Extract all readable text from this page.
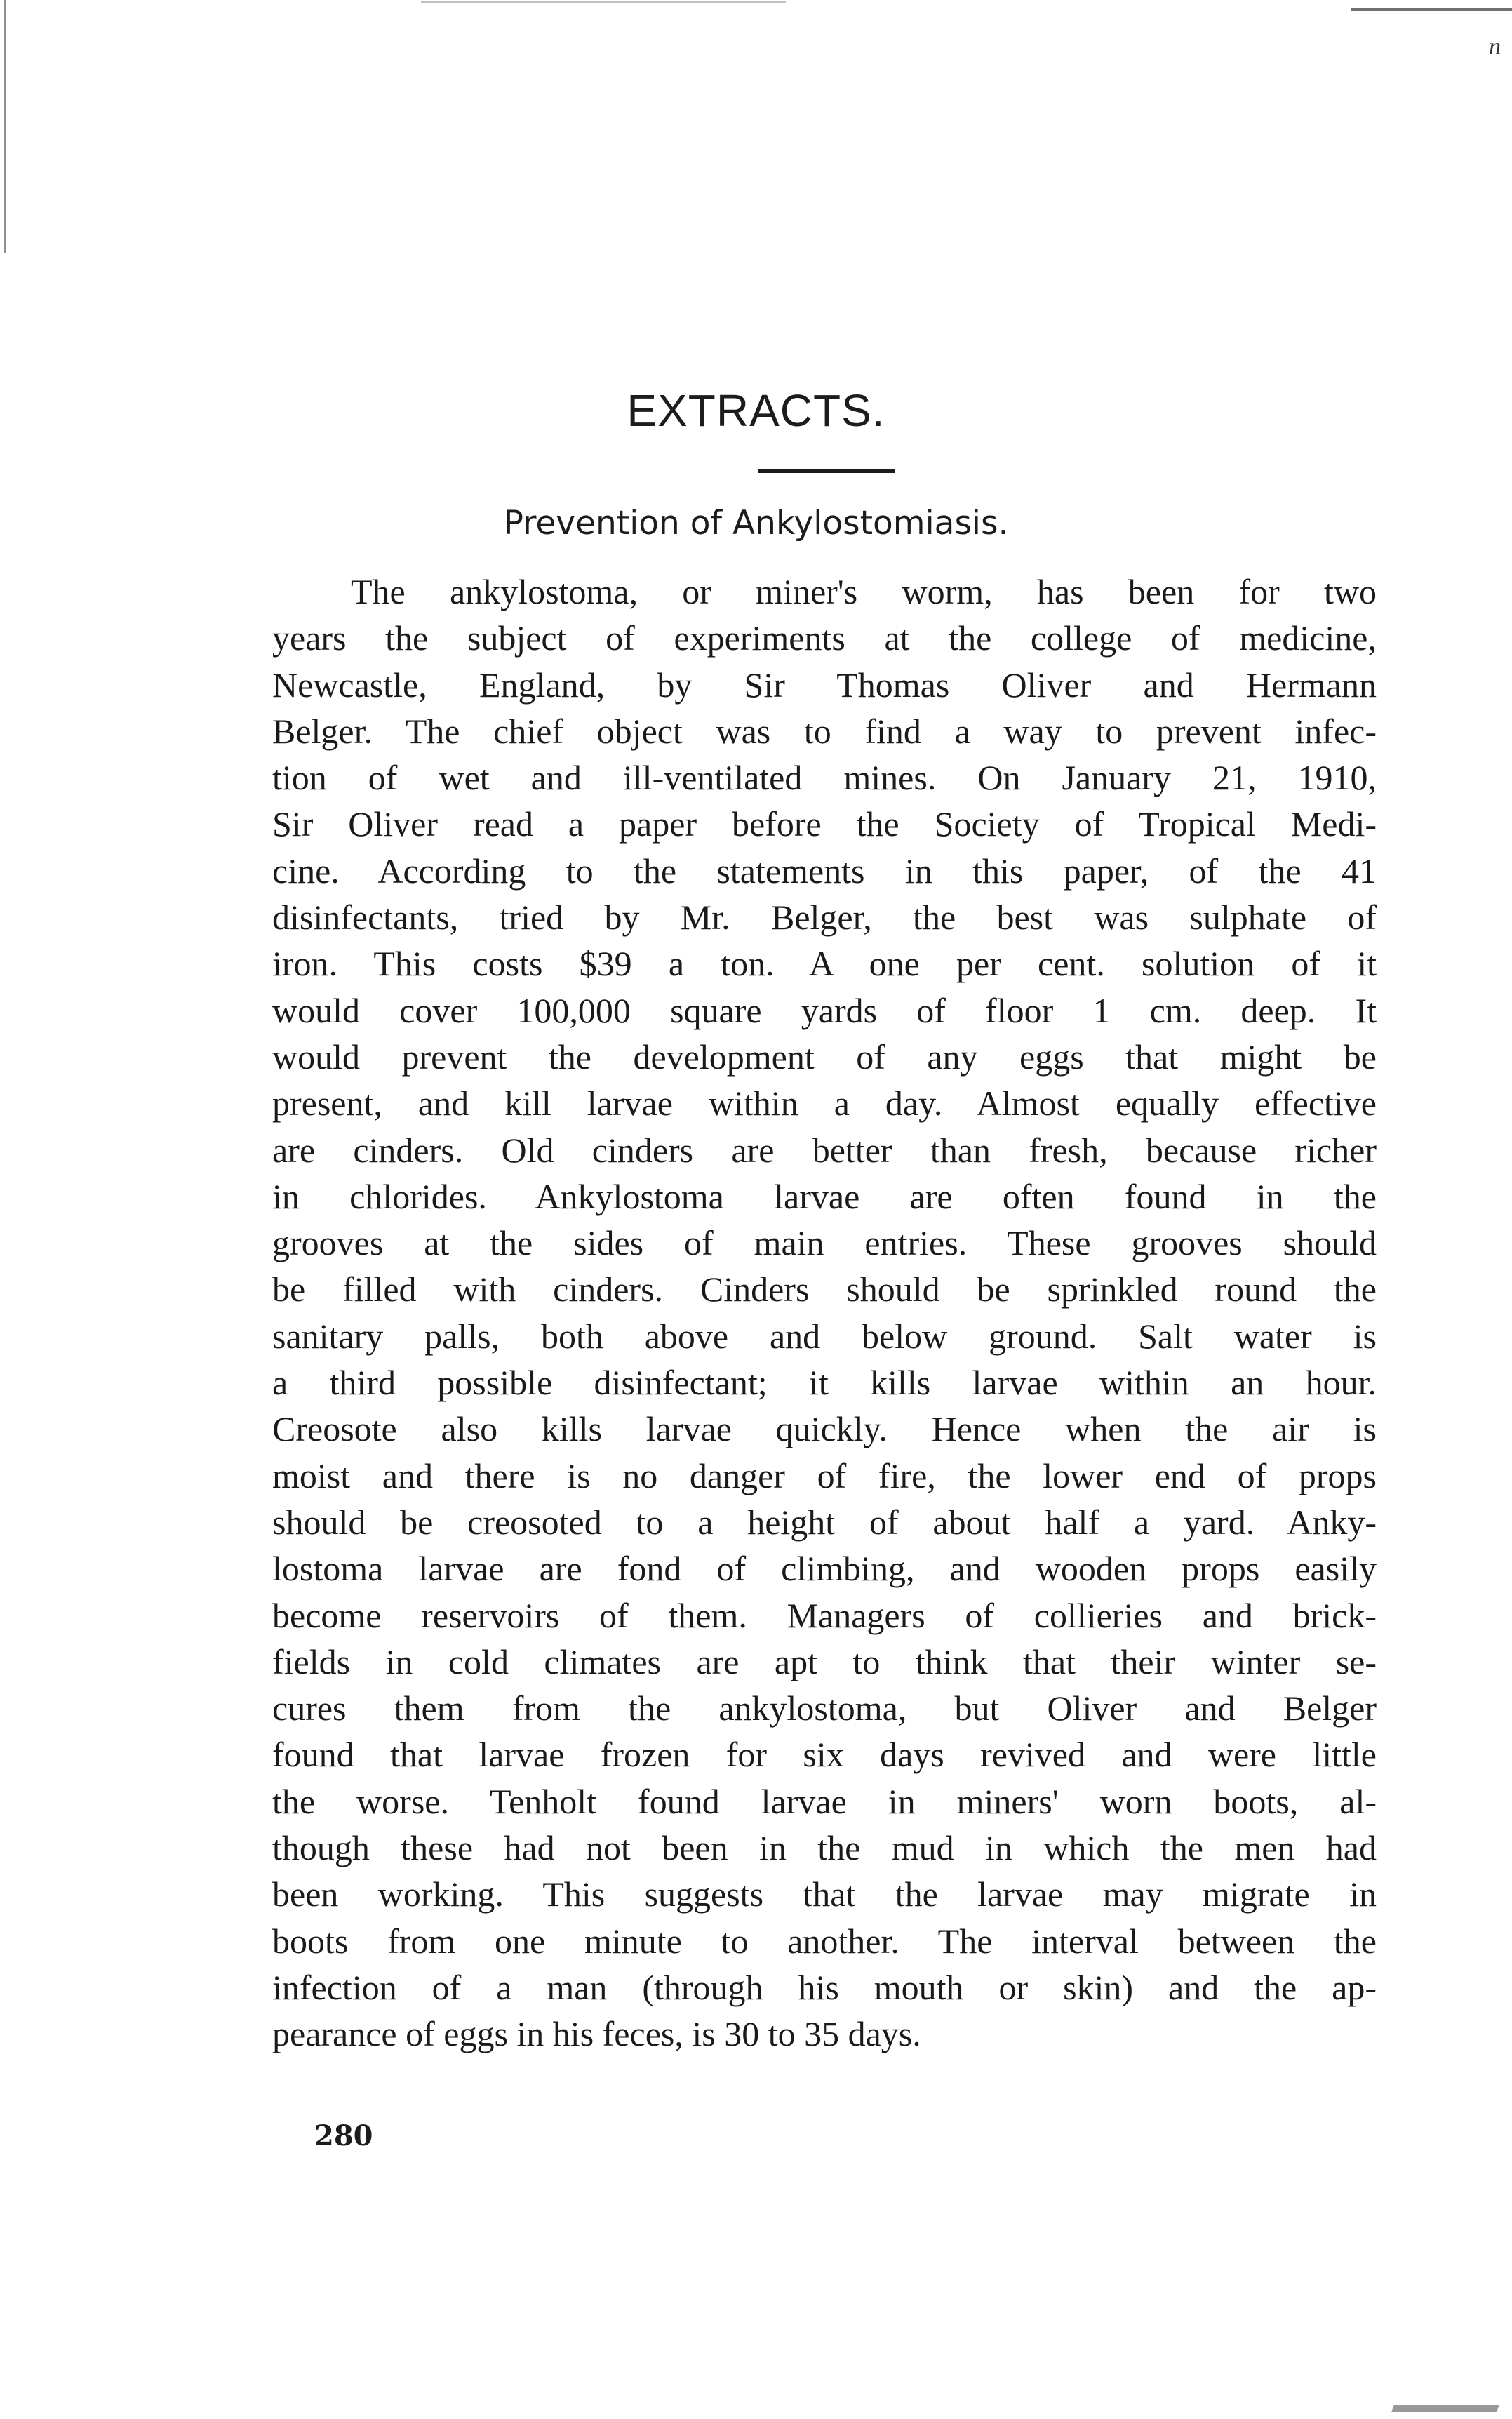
n
EXTRACTS.
Prevention of Ankylostomiasis.
The ankylostoma, or miner's worm, has been for two
years the subject of experiments at the college of medicine,
Newcastle, England, by Sir Thomas Oliver and Hermann
Belger. The chief object was to find a way to prevent infec-
tion of wet and ill-ventilated mines. On January 21, 1910,
Sir Oliver read a paper before the Society of Tropical Medi-
cine. According to the statements in this paper, of the 41
disinfectants, tried by Mr. Belger, the best was sulphate of
iron. This costs $39 a ton. A one per cent. solution of it
would cover 100,000 square yards of floor 1 cm. deep. It
would prevent the development of any eggs that might be
present, and kill larvae within a day. Almost equally effective
are cinders. Old cinders are better than fresh, because richer
in chlorides. Ankylostoma larvae are often found in the
grooves at the sides of main entries. These grooves should
be filled with cinders. Cinders should be sprinkled round the
sanitary palls, both above and below ground. Salt water is
a third possible disinfectant; it kills larvae within an hour.
Creosote also kills larvae quickly. Hence when the air is
moist and there is no danger of fire, the lower end of props
should be creosoted to a height of about half a yard. Anky-
lostoma larvae are fond of climbing, and wooden props easily
become reservoirs of them. Managers of collieries and brick-
fields in cold climates are apt to think that their winter se-
cures them from the ankylostoma, but Oliver and Belger
found that larvae frozen for six days revived and were little
the worse. Tenholt found larvae in miners' worn boots, al-
though these had not been in the mud in which the men had
been working. This suggests that the larvae may migrate in
boots from one minute to another. The interval between the
infection of a man (through his mouth or skin) and the ap-
pearance of eggs in his feces, is 30 to 35 days.
280
